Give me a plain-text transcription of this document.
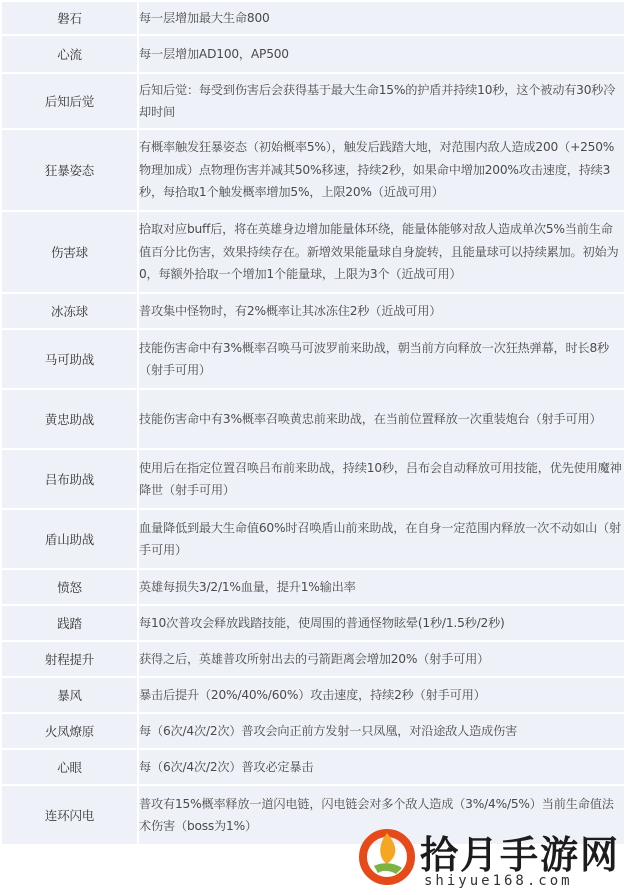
磐石		每一层增加最大生命800
心流		每一层增加AD100，AP500
后知后觉		后知后觉：每受到伤害后会获得基于最大生命15%的护盾并持续10秒，这个被动有30秒冷却时间
狂暴姿态		有概率触发狂暴姿态（初始概率5%），触发后践踏大地，对范围内敌人造成200（+250%物理加成）点物理伤害并减其50%移速，持续2秒，如果命中增加200%攻击速度，持续3秒，每拾取1个触发概率增加5%，上限20%（近战可用）
伤害球		拾取对应buff后，将在英雄身边增加能量体环绕，能量体能够对敌人造成单次5%当前生命值百分比伤害，效果持续存在。新增效果能量球自身旋转，且能量球可以持续累加。初始为0，每额外拾取一个增加1个能量球，上限为3个（近战可用）
冰冻球		普攻集中怪物时，有2%概率让其冰冻住2秒（近战可用）
马可助战		技能伤害命中有3%概率召唤马可波罗前来助战，朝当前方向释放一次狂热弹幕，时长8秒（射手可用）
黄忠助战		技能伤害命中有3%概率召唤黄忠前来助战，在当前位置释放一次重装炮台（射手可用）
吕布助战		使用后在指定位置召唤吕布前来助战，持续10秒，吕布会自动释放可用技能，优先使用魔神降世（射手可用）
盾山助战		血量降低到最大生命值60%时召唤盾山前来助战，在自身一定范围内释放一次不动如山（射手可用）
愤怒		英雄每损失3/2/1%血量，提升1%输出率
践踏		每10次普攻会释放践踏技能，使周围的普通怪物眩晕(1秒/1.5秒/2秒)
射程提升		获得之后，英雄普攻所射出去的弓箭距离会增加20%（射手可用）
暴风		暴击后提升（20%/40%/60%）攻击速度，持续2秒（射手可用）
火凤燎原		每（6次/4次/2次）普攻会向正前方发射一只凤凰，对沿途敌人造成伤害
心眼		每（6次/4次/2次）普攻必定暴击
连环闪电		普攻有15%概率释放一道闪电链，闪电链会对多个敌人造成（3%/4%/5%）当前生命值法术伤害（boss为1%）
拾月手游网
shiyue168.com
